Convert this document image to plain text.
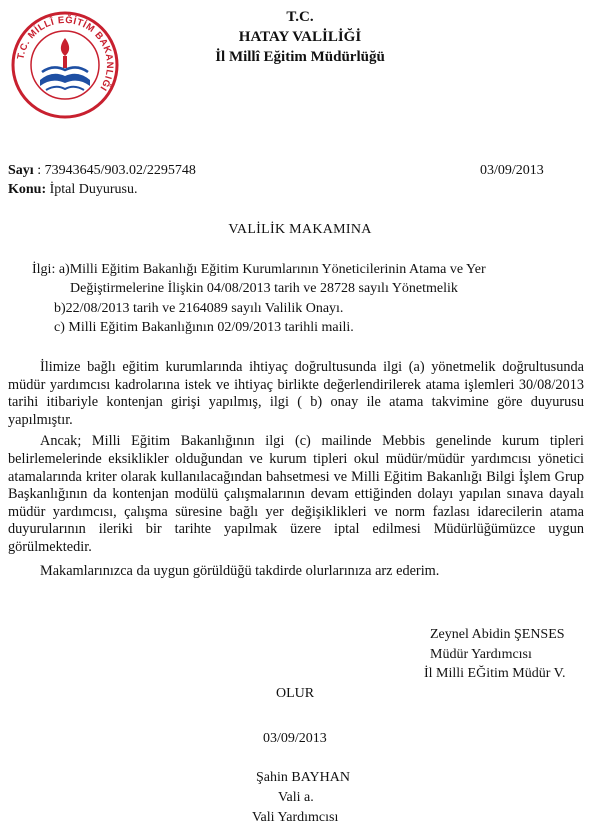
T.C. MİLLÎ EĞİTİM BAKANLIĞI
T.C.
HATAY VALİLİĞİ
İl Millî Eğitim Müdürlüğü
Sayı : 73943645/903.02/2295748	03/09/2013
Konu: İptal Duyurusu.
VALİLİK MAKAMINA
İlgi: a)Milli Eğitim Bakanlığı Eğitim Kurumlarının Yöneticilerinin Atama ve Yer
Değiştirmelerine İlişkin 04/08/2013 tarih ve 28728 sayılı Yönetmelik
b)22/08/2013 tarih ve 2164089 sayılı Valilik Onayı.
c) Milli Eğitim Bakanlığının 02/09/2013 tarihli maili.

İlimize bağlı eğitim kurumlarında ihtiyaç doğrultusunda ilgi (a) yönetmelik doğrultusunda müdür yardımcısı kadrolarına istek ve ihtiyaç birlikte değerlendirilerek atama işlemleri 30/08/2013 tarihi itibariyle kontenjan girişi yapılmış, ilgi ( b) onay ile atama takvimine göre duyurusu yapılmıştır.

Ancak; Milli Eğitim Bakanlığının ilgi (c) mailinde Mebbis genelinde kurum tipleri belirlemelerinde eksiklikler olduğundan ve kurum tipleri okul müdür/müdür yardımcısı yönetici atamalarında kriter olarak kullanılacağından bahsetmesi ve Milli Eğitim Bakanlığı Bilgi İşlem Grup Başkanlığının da kontenjan modülü çalışmalarının devam ettiğinden dolayı yapılan sınava dayalı müdür yardımcısı, çalışma süresine bağlı yer değişiklikleri ve norm fazlası idarecilerin atama duyurularının ileriki bir tarihte yapılmak üzere iptal edilmesi Müdürlüğümüzce uygun görülmektedir.

Makamlarınızca da uygun görüldüğü takdirde olurlarınıza arz ederim.

Zeynel Abidin ŞENSES
Müdür Yardımcısı
İl Milli EĞitim Müdür V.
OLUR
03/09/2013
Şahin BAYHAN
Vali a.
Vali Yardımcısı
